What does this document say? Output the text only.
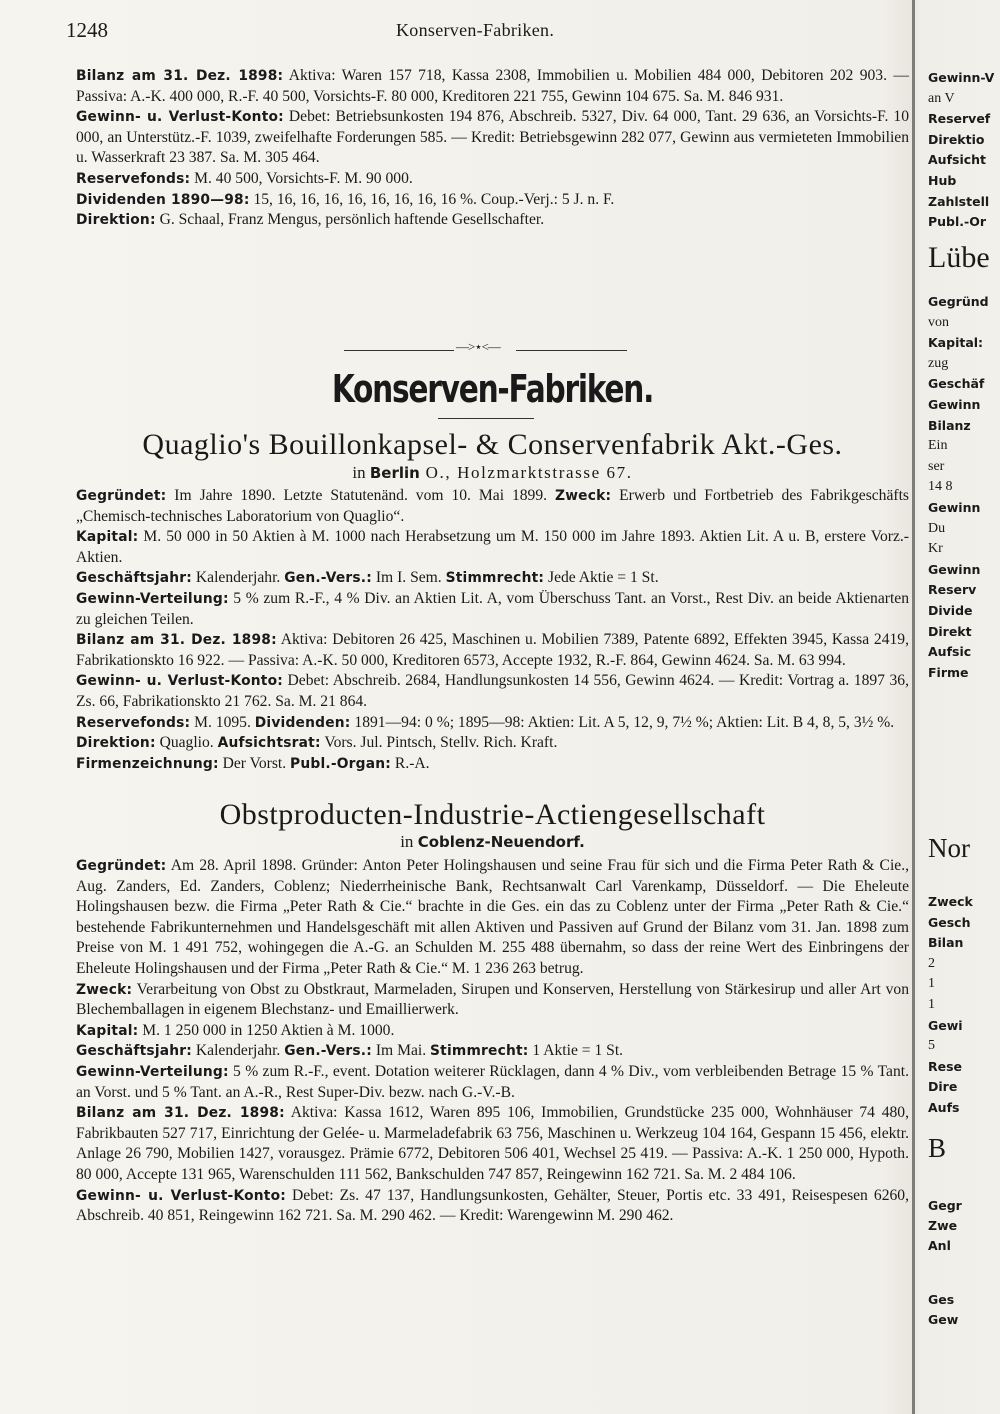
1248	Konserven-Fabriken.

Bilanz am 31. Dez. 1898: Aktiva: Waren 157 718, Kassa 2308, Immobilien u. Mobilien 484 000, Debitoren 202 903. — Passiva: A.-K. 400 000, R.-F. 40 500, Vorsichts-F. 80 000, Kreditoren 221 755, Gewinn 104 675. Sa. M. 846 931.

Gewinn- u. Verlust-Konto: Debet: Betriebsunkosten 194 876, Abschreib. 5327, Div. 64 000, Tant. 29 636, an Vorsichts-F. 10 000, an Unterstütz.-F. 1039, zweifelhafte Forderungen 585. — Kredit: Betriebsgewinn 282 077, Gewinn aus vermieteten Immobilien u. Wasserkraft 23 387. Sa. M. 305 464.

Reservefonds: M. 40 500, Vorsichts-F. M. 90 000.

Dividenden 1890—98: 15, 16, 16, 16, 16, 16, 16, 16, 16 %. Coup.-Verj.: 5 J. n. F.

Direktion: G. Schaal, Franz Mengus, persönlich haftende Gesellschafter.

—>⋆<—
Konserven-Fabriken.
Quaglio's Bouillonkapsel- & Conservenfabrik Akt.-Ges.
in Berlin O., Holzmarktstrasse 67.

Gegründet: Im Jahre 1890. Letzte Statutenänd. vom 10. Mai 1899. Zweck: Erwerb und Fortbetrieb des Fabrikgeschäfts „Chemisch-technisches Laboratorium von Quaglio“.

Kapital: M. 50 000 in 50 Aktien à M. 1000 nach Herabsetzung um M. 150 000 im Jahre 1893. Aktien Lit. A u. B, erstere Vorz.-Aktien.

Geschäftsjahr: Kalenderjahr. Gen.-Vers.: Im I. Sem. Stimmrecht: Jede Aktie = 1 St.

Gewinn-Verteilung: 5 % zum R.-F., 4 % Div. an Aktien Lit. A, vom Überschuss Tant. an Vorst., Rest Div. an beide Aktienarten zu gleichen Teilen.

Bilanz am 31. Dez. 1898: Aktiva: Debitoren 26 425, Maschinen u. Mobilien 7389, Patente 6892, Effekten 3945, Kassa 2419, Fabrikationskto 16 922. — Passiva: A.-K. 50 000, Kreditoren 6573, Accepte 1932, R.-F. 864, Gewinn 4624. Sa. M. 63 994.

Gewinn- u. Verlust-Konto: Debet: Abschreib. 2684, Handlungsunkosten 14 556, Gewinn 4624. — Kredit: Vortrag a. 1897 36, Zs. 66, Fabrikationskto 21 762. Sa. M. 21 864.

Reservefonds: M. 1095. Dividenden: 1891—94: 0 %; 1895—98: Aktien: Lit. A 5, 12, 9, 7½ %; Aktien: Lit. B 4, 8, 5, 3½ %.

Direktion: Quaglio. Aufsichtsrat: Vors. Jul. Pintsch, Stellv. Rich. Kraft.

Firmenzeichnung: Der Vorst. Publ.-Organ: R.-A.

Obstproducten-Industrie-Actiengesellschaft
in Coblenz-Neuendorf.

Gegründet: Am 28. April 1898. Gründer: Anton Peter Holingshausen und seine Frau für sich und die Firma Peter Rath & Cie., Aug. Zanders, Ed. Zanders, Coblenz; Niederrheinische Bank, Rechtsanwalt Carl Varenkamp, Düsseldorf. — Die Eheleute Holingshausen bezw. die Firma „Peter Rath & Cie.“ brachte in die Ges. ein das zu Coblenz unter der Firma „Peter Rath & Cie.“ bestehende Fabrikunternehmen und Handelsgeschäft mit allen Aktiven und Passiven auf Grund der Bilanz vom 31. Jan. 1898 zum Preise von M. 1 491 752, wohingegen die A.-G. an Schulden M. 255 488 übernahm, so dass der reine Wert des Einbringens der Eheleute Holingshausen und der Firma „Peter Rath & Cie.“ M. 1 236 263 betrug.

Zweck: Verarbeitung von Obst zu Obstkraut, Marmeladen, Sirupen und Konserven, Herstellung von Stärkesirup und aller Art von Blechemballagen in eigenem Blechstanz- und Emaillierwerk.

Kapital: M. 1 250 000 in 1250 Aktien à M. 1000.

Geschäftsjahr: Kalenderjahr. Gen.-Vers.: Im Mai. Stimmrecht: 1 Aktie = 1 St.

Gewinn-Verteilung: 5 % zum R.-F., event. Dotation weiterer Rücklagen, dann 4 % Div., vom verbleibenden Betrage 15 % Tant. an Vorst. und 5 % Tant. an A.-R., Rest Super-Div. bezw. nach G.-V.-B.

Bilanz am 31. Dez. 1898: Aktiva: Kassa 1612, Waren 895 106, Immobilien, Grundstücke 235 000, Wohnhäuser 74 480, Fabrikbauten 527 717, Einrichtung der Gelée- u. Marmeladefabrik 63 756, Maschinen u. Werkzeug 104 164, Gespann 15 456, elektr. Anlage 26 790, Mobilien 1427, vorausgez. Prämie 6772, Debitoren 506 401, Wechsel 25 419. — Passiva: A.-K. 1 250 000, Hypoth. 80 000, Accepte 131 965, Warenschulden 111 562, Bankschulden 747 857, Reingewinn 162 721. Sa. M. 2 484 106.

Gewinn- u. Verlust-Konto: Debet: Zs. 47 137, Handlungsunkosten, Gehälter, Steuer, Portis etc. 33 491, Reisespesen 6260, Abschreib. 40 851, Reingewinn 162 721. Sa. M. 290 462. — Kredit: Warengewinn M. 290 462.

Gewinn-V
an V
Reservef
Direktio
Aufsicht
Hub
Zahlstell
Publ.-Or
Lübe
Gegründ
von
Kapital:
zug
Geschäf
Gewinn
Bilanz
Ein
ser
14 8
Gewinn
Du
Kr
Gewinn
Reserv
Divide
Direkt
Aufsic
Firme
Nor
Zweck
Gesch
Bilan
2
1
1
Gewi
5
Rese
Dire
Aufs
B
Gegr
Zwe
Anl
Ges
Gew
